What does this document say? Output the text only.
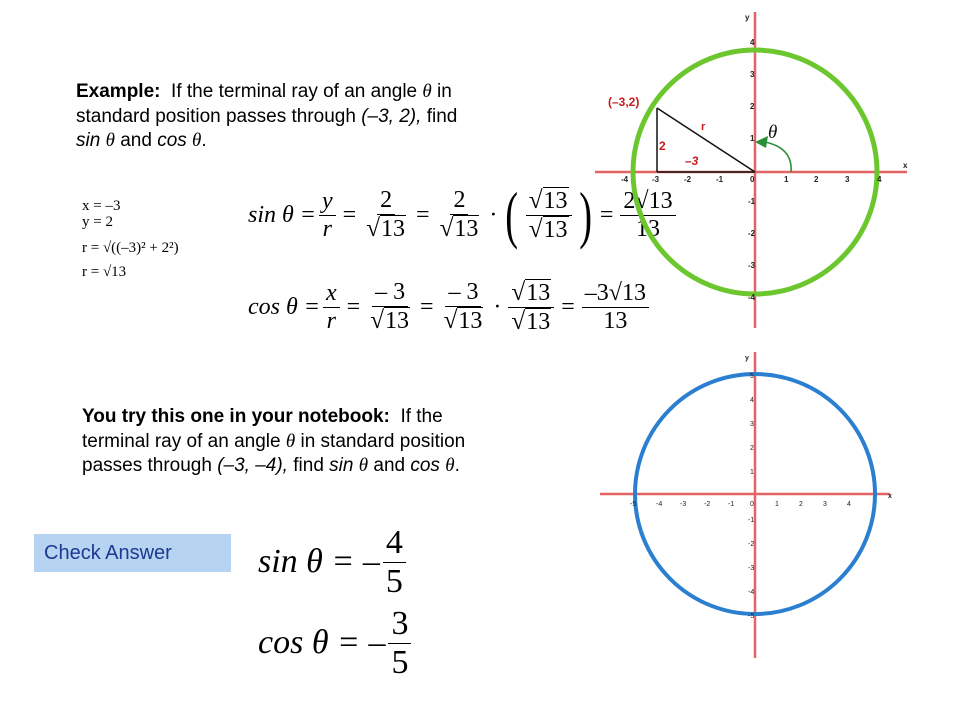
Example: If the terminal ray of an angle θ in
standard position passes through (–3, 2), find
sin θ and cos θ.
x = –3
y = 2
r = √((–3)² + 2²)
r = √13
$\sin \theta = \frac{y}{r} = \frac{2}{√ 13} = \frac{2}{√ 13}$ · ( $\frac{√ 13}{√ 13}$ ) = $\frac{2√13}{13}$
$\cos \theta = \frac{x}{r} = \frac{- 3}{√ 13} = \frac{- 3}{√ 13} \cdot \frac{√ 13}{√ 13} = \frac{-3√13}{13}$
-4	-3	-2	-1	0	1	2	3	4
x
y
4
3
2
1
-1
-2
-3
-4
(–3,2)
r
2
–3
θ
You try this one in your notebook: If the
terminal ray of an angle θ in standard position
passes through (–3, –4), find sin θ and cos θ.
-5	-4	-3	-2	-1 0	1	2	3	4
x
y
5
4
3
2
1
-1
-2
-3
-4
-5
Check Answer	sin θ = – $\frac{4}{5}$
cos θ = – $\frac{3}{5}$
